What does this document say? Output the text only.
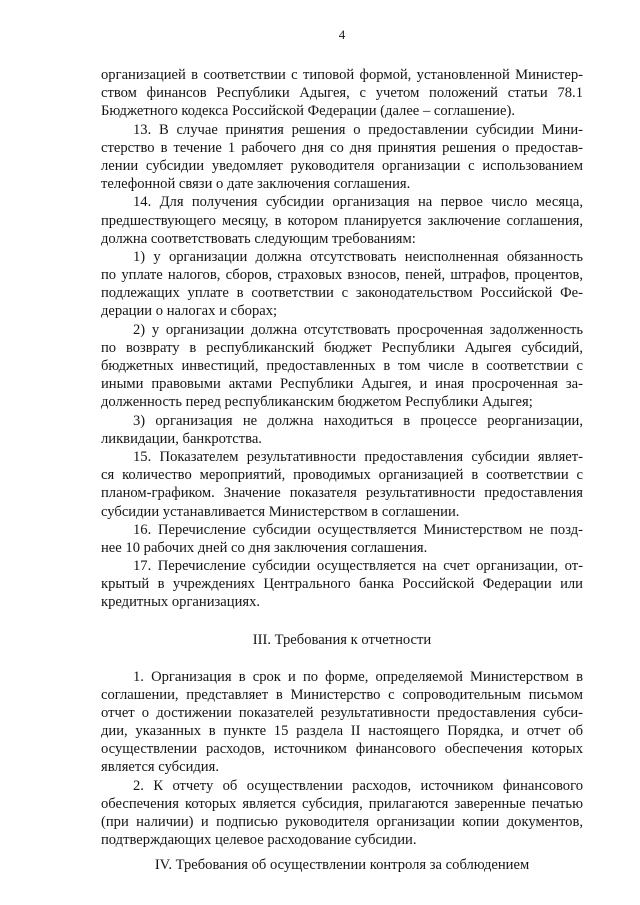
4
организацией в соответствии с типовой формой, установленной Министер-
ством финансов Республики Адыгея, с учетом положений статьи 78.1
Бюджетного кодекса Российской Федерации (далее – соглашение).
13. В случае принятия решения о предоставлении субсидии Мини-
стерство в течение 1 рабочего дня со дня принятия решения о предостав-
лении субсидии уведомляет руководителя организации с использованием
телефонной связи о дате заключения соглашения.
14. Для получения субсидии организация на первое число месяца,
предшествующего месяцу, в котором планируется заключение соглашения,
должна соответствовать следующим требованиям:
1) у организации должна отсутствовать неисполненная обязанность
по уплате налогов, сборов, страховых взносов, пеней, штрафов, процентов,
подлежащих уплате в соответствии с законодательством Российской Фе-
дерации о налогах и сборах;
2) у организации должна отсутствовать просроченная задолженность
по возврату в республиканский бюджет Республики Адыгея субсидий,
бюджетных инвестиций, предоставленных в том числе в соответствии с
иными правовыми актами Республики Адыгея, и иная просроченная за-
долженность перед республиканским бюджетом Республики Адыгея;
3) организация не должна находиться в процессе реорганизации,
ликвидации, банкротства.
15. Показателем результативности предоставления субсидии являет-
ся количество мероприятий, проводимых организацией в соответствии с
планом-графиком. Значение показателя результативности предоставления
субсидии устанавливается Министерством в соглашении.
16. Перечисление субсидии осуществляется Министерством не позд-
нее 10 рабочих дней со дня заключения соглашения.
17. Перечисление субсидии осуществляется на счет организации, от-
крытый в учреждениях Центрального банка Российской Федерации или
кредитных организациях.
III. Требования к отчетности
1. Организация в срок и по форме, определяемой Министерством в
соглашении, представляет в Министерство с сопроводительным письмом
отчет о достижении показателей результативности предоставления субси-
дии, указанных в пункте 15 раздела II настоящего Порядка, и отчет об
осуществлении расходов, источником финансового обеспечения которых
является субсидия.
2. К отчету об осуществлении расходов, источником финансового
обеспечения которых является субсидия, прилагаются заверенные печатью
(при наличии) и подписью руководителя организации копии документов,
подтверждающих целевое расходование субсидии.
IV. Требования об осуществлении контроля за соблюдением
